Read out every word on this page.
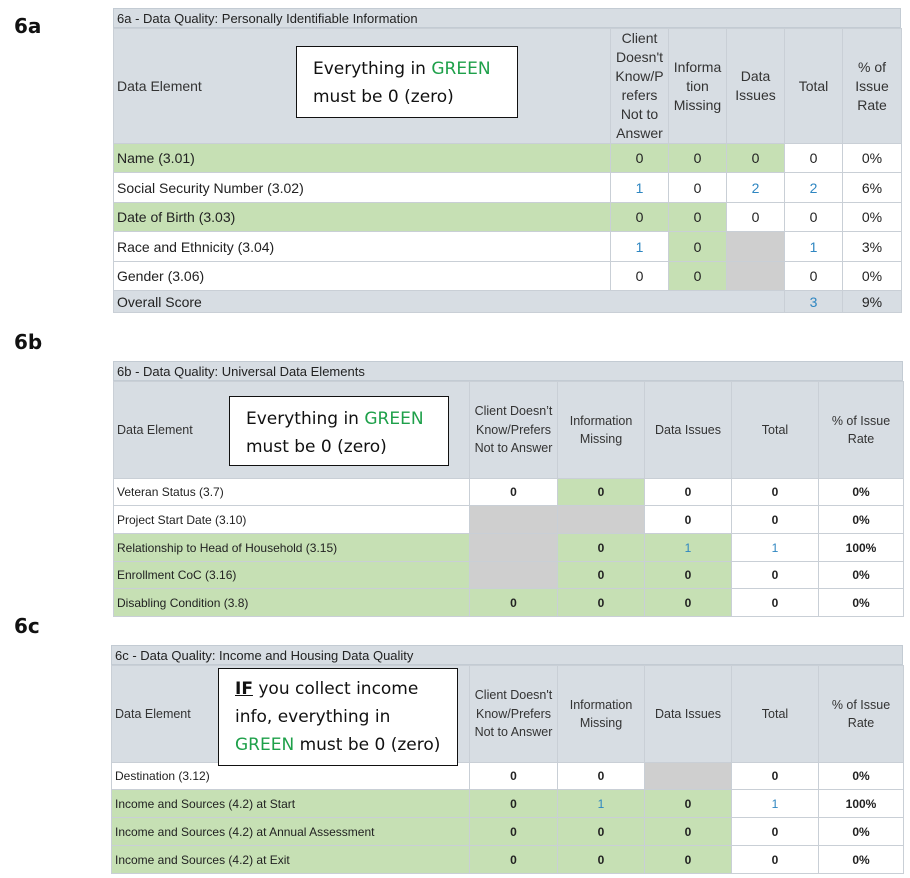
6a	6a - Data Quality: Personally Identifiable Information
Data Element	Client Doesn't Know/P refers Not to Answer	Informa tion Missing	Data Issues	Total	% of Issue Rate
Name (3.01)	0	0	0	0	0%
Social Security Number (3.02)	1	0	2	2	6%
Date of Birth (3.03)	0	0	0	0	0%
Race and Ethnicity (3.04)	1	0		1	3%
Gender (3.06)	0	0		0	0%
Overall Score				3	9%
Everything in GREEN
must be 0 (zero)
6b
6b - Data Quality: Universal Data Elements
Data Element	Client Doesn’t Know/Prefers Not to Answer	Information Missing	Data Issues	Total	% of Issue Rate
Veteran Status (3.7)	0	0	0	0	0%
Project Start Date (3.10)			0	0	0%
Relationship to Head of Household (3.15)		0	1	1	100%
Enrollment CoC (3.16)		0	0	0	0%
Disabling Condition (3.8)	0	0	0	0	0%
Everything in GREEN
must be 0 (zero)
6c
6c - Data Quality: Income and Housing Data Quality
Data Element	Client Doesn't Know/Prefers Not to Answer	Information Missing	Data Issues	Total	% of Issue Rate
Destination (3.12)	0	0		0	0%
Income and Sources (4.2) at Start	0	1	0	1	100%
Income and Sources (4.2) at Annual Assessment	0	0	0	0	0%
Income and Sources (4.2) at Exit	0	0	0	0	0%
IF you collect income
info, everything in
GREEN must be 0 (zero)
